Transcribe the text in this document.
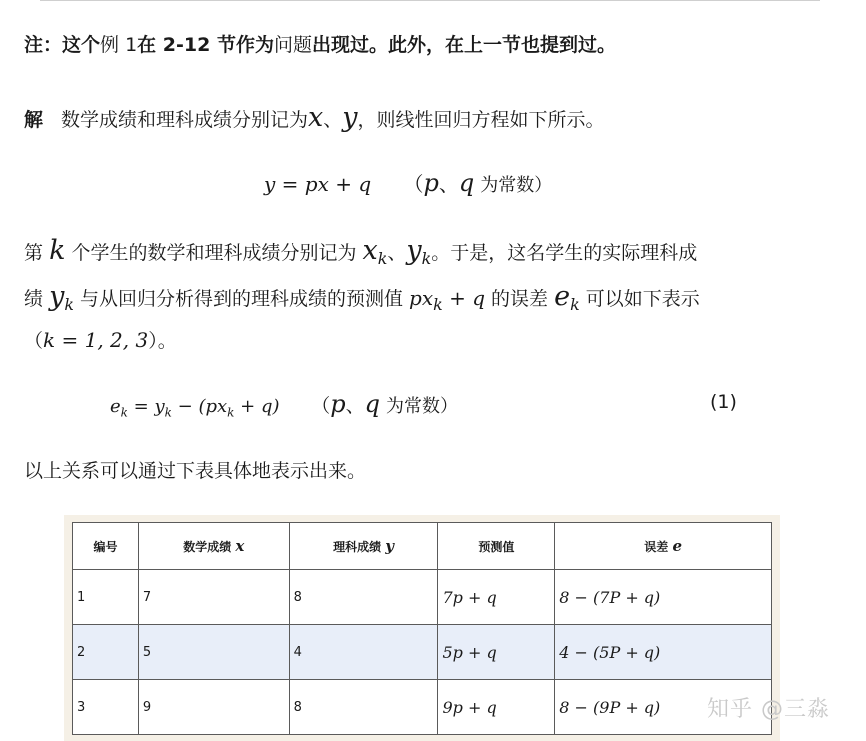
注：这个例 1在 2-12 节作为问题出现过。此外，在上一节也提到过。
解 数学成绩和理科成绩分别记为x、y，则线性回归方程如下所示。
y = px + q （p、q 为常数）
第 k 个学生的数学和理科成绩分别记为 $x_k$、$y_k$。于是，这名学生的实际理科成
绩 $y_k$ 与从回归分析得到的理科成绩的预测值 $px_k + q$ 的误差 $e_k$ 可以如下表示
（k = 1, 2, 3）。
$e_k = y_k - (px_k + q)$ （p、q 为常数）	(1)
以上关系可以通过下表具体地表示出来。
编号	数学成绩 x	理科成绩 y	预测值	误差 e
1	7	8	7p + q	8 − (7P + q)
2	5	4	5p + q	4 − (5P + q)
3	9	8	9p + q	8 − (9P + q) 知乎 @三淼
